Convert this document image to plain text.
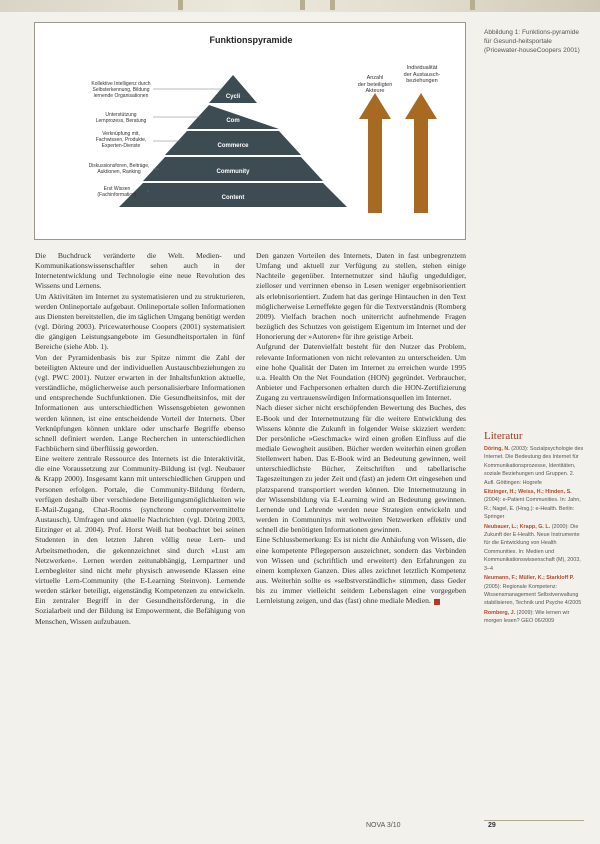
Funktionspyramide
Cycli
Com
Commerce
Community
Content
Kollektive Intelligenz durch
Selbsterkennung, Bildung
lernende Organisationen
Unterstützung
Lernprozess, Beratung
Verknüpfung mit,
Fachwissen, Produkte,
Experten-Dienste
Diskussionsforen, Beiträge,
Auktionen, Ranking
Erst Wissen
(Fachinformation)
Anzahl
der beteiligten
Akteure
Individualität
der Austausch-
beziehungen
Abbildung 1: Funktions-pyramide für Gesund-heitsportale (Pricewater-houseCoopers 2001)

Die Buchdruck veränderte die Welt. Medien- und Kommunikationswissenschaftler sehen auch in der Internetentwicklung und Technologie eine neue Revolution des Wissens und Lernens.

Um Aktivitäten im Internet zu systematisieren und zu strukturieren, werden Onlineportale aufgebaut. Onlineportale sollen Informationen aus Diensten bereitstellen, die im täglichen Umgang benötigt werden (vgl. Döring 2003). Pricewaterhouse Coopers (2001) systematisiert die gängigen Leistungsangebote im Gesundheitsportalen in fünf Bereiche (siehe Abb. 1).

Von der Pyramidenbasis bis zur Spitze nimmt die Zahl der beteiligten Akteure und der individuellen Austauschbeziehungen zu (vgl. PWC 2001). Nutzer erwarten in der Inhaltsfunktion aktuelle, verständliche, möglicherweise auch personalisierbare Informationen und entsprechende Suchfunktionen. Die Gesundheitsinfos, mit der Informationen aus unterschiedlichen Wissensgebieten gewonnen werden können, ist eine entscheidende Vorteil der Internets. Über Verknüpfungen können unklare oder unscharfe Begriffe ebenso schnell definiert werden. Lange Recherchen in unterschiedlichen Fachbüchern sind überflüssig geworden.

Eine weitere zentrale Ressource des Internets ist die Interaktivität, die eine Voraussetzung zur Community-Bildung ist (vgl. Neubauer & Krapp 2000). Insgesamt kann mit unterschiedlichen Gruppen und Personen erfolgen. Portale, die Community-Bildung fördern, verfügen deshalb über verschiedene Beteiligungsmöglichkeiten wie E-Mail-Zugang, Chat-Rooms (synchrone computervermittelte Austausch), Umfragen und aktuelle Nachrichten (vgl. Döring 2003, Eitzinger et al. 2004). Prof. Horst Weiß hat beobachtet bei seinen Studenten in den letzten Jahren völlig neue Lern- und Arbeitsmethoden, die gekennzeichnet sind durch »Lust am Netzwerken«. Lernen werden zeitunabhängig, Lernpartner und Lernbegleiter sind nicht mehr physisch anwesende Klassen eine virtuelle Lern-Community (the E-Learning Steinvon). Lernende werden stärker beteiligt, eigenständig Kompetenzen zu entwickeln. Ein zentraler Begriff in der Gesundheitsförderung, in die Sozialarbeit und der Bildung ist Empowerment, die Befähigung von Menschen, Wissen aufzubauen.

Den ganzen Vorteilen des Internets, Daten in fast unbegrenztem Umfang und aktuell zur Verfügung zu stellen, stehen einige Nachteile gegenüber. Internetnutzer sind häufig ungeduldiger, zielloser und verrinnen ebenso in Lesen weniger ergebnisorientiert als erlebnisorientiert. Zudem hat das geringe Hintauchen in den Text möglicherweise Lerneffekte gegen für die Textverständnis (Romberg 2009). Vielfach brachen noch uniterricht aufnehmende Fragen bezüglich des Schutzes von geistigem Eigentum im Internet und der Honorierung der »Autoren« für ihre geistige Arbeit.

Aufgrund der Datenvielfalt besteht für den Nutzer das Problem, relevante Informationen von nicht relevanten zu unterscheiden. Um eine hohe Qualität der Daten im Internet zu erreichen wurde 1995 u.a. Health On the Net Foundation (HON) gegründet. Verbraucher, Anbieter und Fachpersonen erhalten durch die HON-Zertifizierung Zugang zu vertrauenswürdigen Informationsquellen im Internet.

Nach dieser sicher nicht erschöpfenden Bewertung des Buches, des E-Book und der Internetnutzung für die weitere Entwicklung des Wissens könnte die Zukunft in folgender Weise skizziert werden: Der persönliche »Geschmack« wird einen großen Einfluss auf die mediale Gewogheit ausüben. Bücher werden weiterhin einen großen Stellenwert haben. Das E-Book wird an Bedeutung gewinnen, weil unterschiedlichste Bücher, Zeitschriften und tabellarische Tageszeitungen zu jeder Zeit und (fast) an jedem Ort eingesehen und platzsparend transportiert werden können. Die Internetnutzung in der Wissensbildung via E-Learning wird an Bedeutung gewinnen. Lernende und Lehrende werden neue Strategien entwickeln und werden in Communitys mit weltweiten Netzwerken effektiv und schnell die benötigten Informationen gewinnen.

Eine Schlussbemerkung: Es ist nicht die Anhäufung von Wissen, die eine kompetente Pflegeperson auszeichnet, sondern das Verbinden von Wissen und (schriftlich und erweitert) den Erfahrungen zu einem komplexen Ganzen. Dies alles zeichnet letztlich Kompetenz aus. Weiterhin sollte es »selbstverständlich« stimmen, dass Geder bis zu immer vielleicht seitdem Lebenslagen eine vorgegeben Lernleistung zeigen, und das (fast) ohne mediale Medien.

Literatur
Döring, N. (2003): Sozialpsychologie des Internet. Die Bedeutung des Internet für Kommunikationsprozesse, Identitäten, soziale Beziehungen und Gruppen. 2. Aufl. Göttingen: Hogrefe
Eitzinger, H.; Weiss, H.; Hinden, S. (2004): e-Patient Communities. In: Jahn, R.; Nagel, E. (Hrsg.): e-Health. Berlin: Springer
Neubauer, L.; Krapp, G. L. (2000): Die Zukunft der E-Health. Neue Instrumente für die Entwicklung von Health Communities. In: Medien und Kommunikationswissenschaft (M), 2003, 3–4
Neumann, F.; Müller, K.; Starkloff P. (2005): Regionale Kompetenz: Wissensmanagement Selbstverwaltung stabilisieren, Technik und Psyche 4/2005
Romberg, J. (2009): Wie lernen wir morgen lesen? GEO 06/2009
NOVA 3/10	29
